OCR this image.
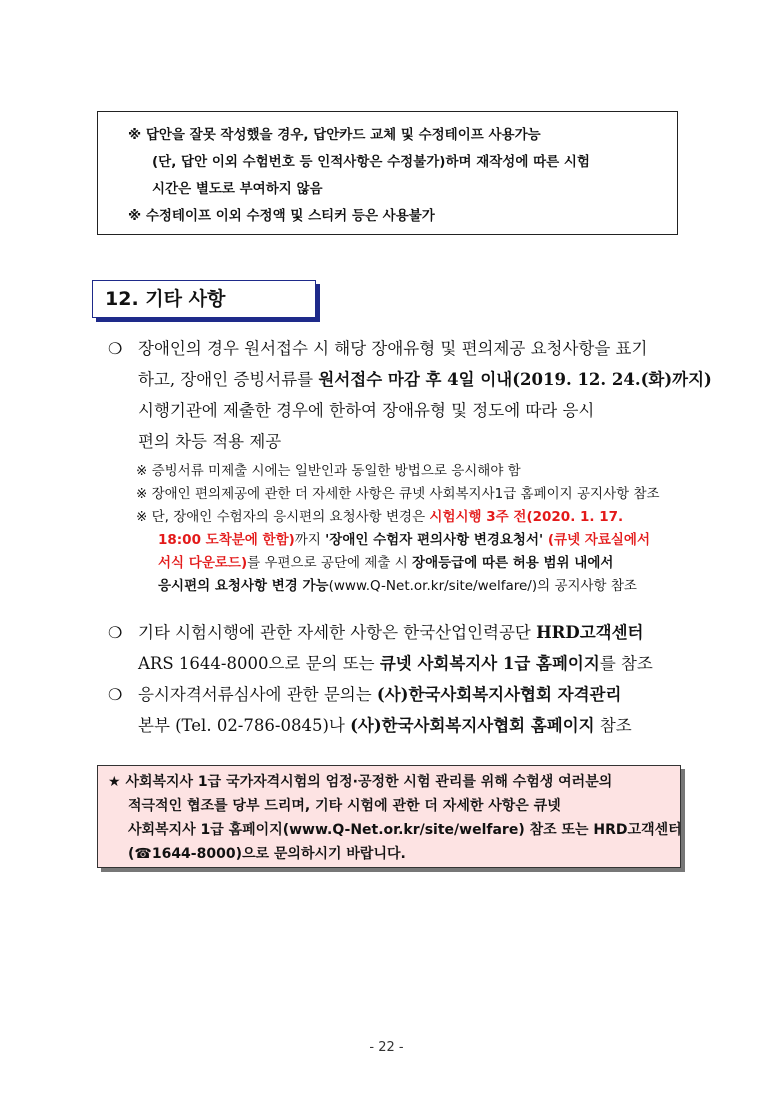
※ 답안을 잘못 작성했을 경우, 답안카드 교체 및 수정테이프 사용가능
(단, 답안 이외 수험번호 등 인적사항은 수정불가)하며 재작성에 따른 시험
시간은 별도로 부여하지 않음
※ 수정테이프 이외 수정액 및 스티커 등은 사용불가
12. 기타 사항
❍ 장애인의 경우 원서접수 시 해당 장애유형 및 편의제공 요청사항을 표기
하고, 장애인 증빙서류를 원서접수 마감 후 4일 이내(2019. 12. 24.(화)까지)
시행기관에 제출한 경우에 한하여 장애유형 및 정도에 따라 응시
편의 차등 적용 제공
※ 증빙서류 미제출 시에는 일반인과 동일한 방법으로 응시해야 함
※ 장애인 편의제공에 관한 더 자세한 사항은 큐넷 사회복지사1급 홈페이지 공지사항 참조
※ 단, 장애인 수험자의 응시편의 요청사항 변경은 시험시행 3주 전(2020. 1. 17.
18:00 도착분에 한함)까지 '장애인 수험자 편의사항 변경요청서' (큐넷 자료실에서
서식 다운로드)를 우편으로 공단에 제출 시 장애등급에 따른 허용 범위 내에서
응시편의 요청사항 변경 가능(www.Q-Net.or.kr/site/welfare/)의 공지사항 참조
❍ 기타 시험시행에 관한 자세한 사항은 한국산업인력공단 HRD고객센터
ARS 1644-8000으로 문의 또는 큐넷 사회복지사 1급 홈페이지를 참조
❍ 응시자격서류심사에 관한 문의는 (사)한국사회복지사협회 자격관리
본부 (Tel. 02-786-0845)나 (사)한국사회복지사협회 홈페이지 참조
★ 사회복지사 1급 국가자격시험의 엄정·공정한 시험 관리를 위해 수험생 여러분의
적극적인 협조를 당부 드리며, 기타 시험에 관한 더 자세한 사항은 큐넷
사회복지사 1급 홈페이지(www.Q-Net.or.kr/site/welfare) 참조 또는 HRD고객센터
(☎1644-8000)으로 문의하시기 바랍니다.
- 22 -
